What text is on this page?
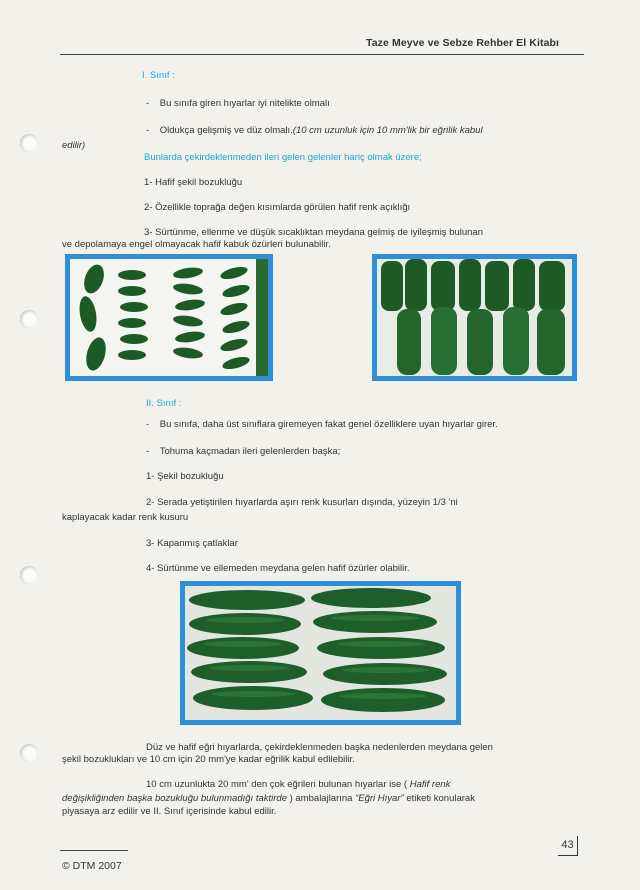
Taze Meyve ve Sebze Rehber El Kitabı
I. Sınıf :
-    Bu sınıfa giren hıyarlar iyi nitelikte olmalı
-    Oldukça gelişmiş ve düz olmalı.(10 cm uzunluk için 10 mm'lik bir eğrilik kabul
edilir)
Bunlarda çekirdeklenmeden ileri gelen gelenler hariç olmak üzere;
1- Hafif şekil bozukluğu
2- Özellikle toprağa değen kısımlarda görülen hafif renk açıklığı
3- Sürtünme, ellenme ve düşük sıcaklıktan meydana gelmiş de iyileşmiş bulunan
ve depolamaya engel olmayacak hafif kabuk özürleri bulunabilir.
II. Sınıf :
-    Bu sınıfa, daha üst sınıflara giremeyen fakat genel özelliklere uyan hıyarlar girer.
-    Tohuma kaçmadan ileri gelenlerden başka;
1- Şekil bozukluğu
2- Serada yetiştirilen hıyarlarda aşırı renk kusurları dışında, yüzeyin 1/3 'ni
kaplayacak kadar renk kusuru
3- Kapanmış çatlaklar
4- Sürtünme ve ellemeden meydana gelen hafif özürler olabilir.
Düz ve hafif eğri hıyarlarda, çekirdeklenmeden başka nedenlerden meydana gelen
şekil bozuklukları ve 10 cm için 20 mm'ye kadar eğrilik kabul edilebilir.
10 cm uzunlukta 20 mm' den çok eğrileri bulunan hıyarlar ise ( Hafif renk
değişikliğinden başka bozukluğu bulunmadığı taktirde ) ambalajlarına “Eğri Hıyar” etiketi konularak
piyasaya arz edilir ve II. Sınıf içerisinde kabul edilir.
© DTM 2007
43
